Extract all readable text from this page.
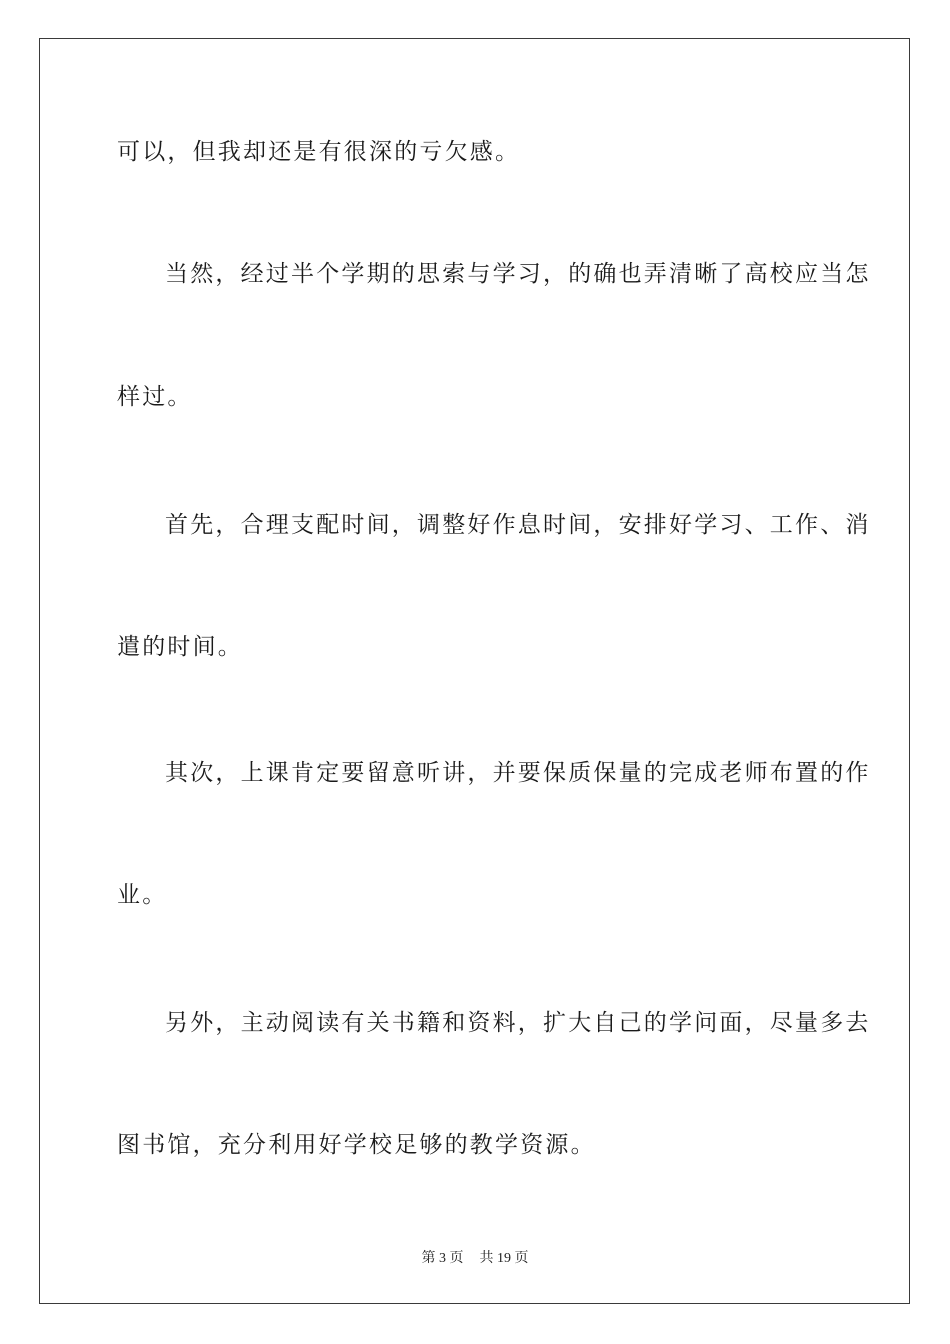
可以，但我却还是有很深的亏欠感。
当然，经过半个学期的思索与学习，的确也弄清晰了高校应当怎
样过。
首先，合理支配时间，调整好作息时间，安排好学习、工作、消
遣的时间。
其次，上课肯定要留意听讲，并要保质保量的完成老师布置的作
业。
另外，主动阅读有关书籍和资料，扩大自己的学问面，尽量多去
图书馆，充分利用好学校足够的教学资源。
第 3 页 共 19 页
